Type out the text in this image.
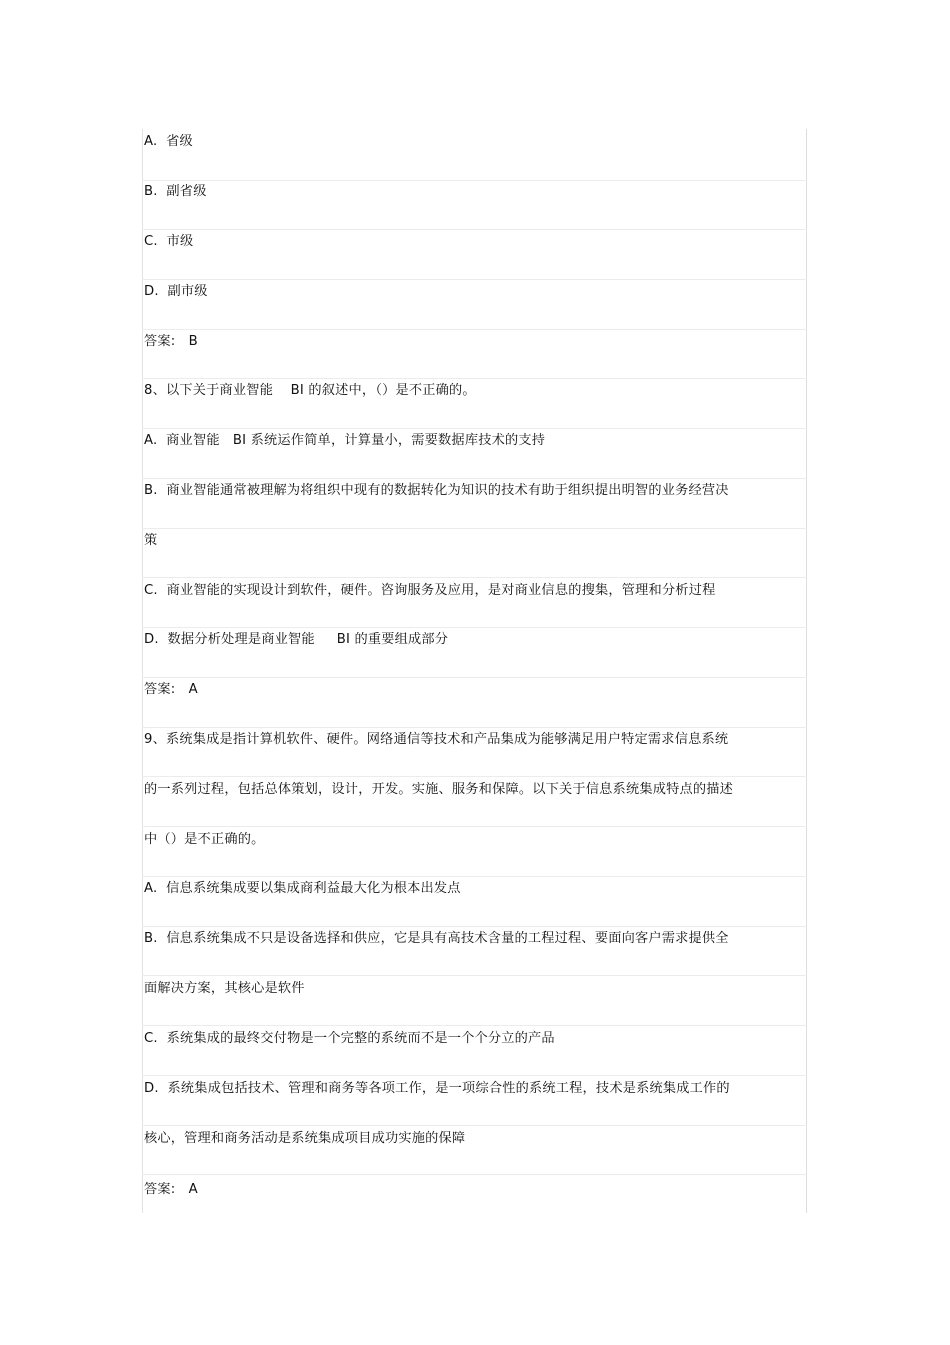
A.  省级
B.  副省级
C.  市级
D.  副市级
答案:   B
8、以下关于商业智能    BI 的叙述中，（）是不正确的。
A.  商业智能   BI 系统运作简单，计算量小，需要数据库技术的支持
B.  商业智能通常被理解为将组织中现有的数据转化为知识的技术有助于组织提出明智的业务经营决
策
C.  商业智能的实现设计到软件，硬件。咨询服务及应用，是对商业信息的搜集，管理和分析过程
D.  数据分析处理是商业智能     BI 的重要组成部分
答案:   A
9、系统集成是指计算机软件、硬件。网络通信等技术和产品集成为能够满足用户特定需求信息系统
的一系列过程，包括总体策划，设计，开发。实施、服务和保障。以下关于信息系统集成特点的描述
中（）是不正确的。
A.  信息系统集成要以集成商利益最大化为根本出发点
B.  信息系统集成不只是设备选择和供应，它是具有高技术含量的工程过程、要面向客户需求提供全
面解决方案，其核心是软件
C.  系统集成的最终交付物是一个完整的系统而不是一个个分立的产品
D.  系统集成包括技术、管理和商务等各项工作，是一项综合性的系统工程，技术是系统集成工作的
核心，管理和商务活动是系统集成项目成功实施的保障
答案:   A
